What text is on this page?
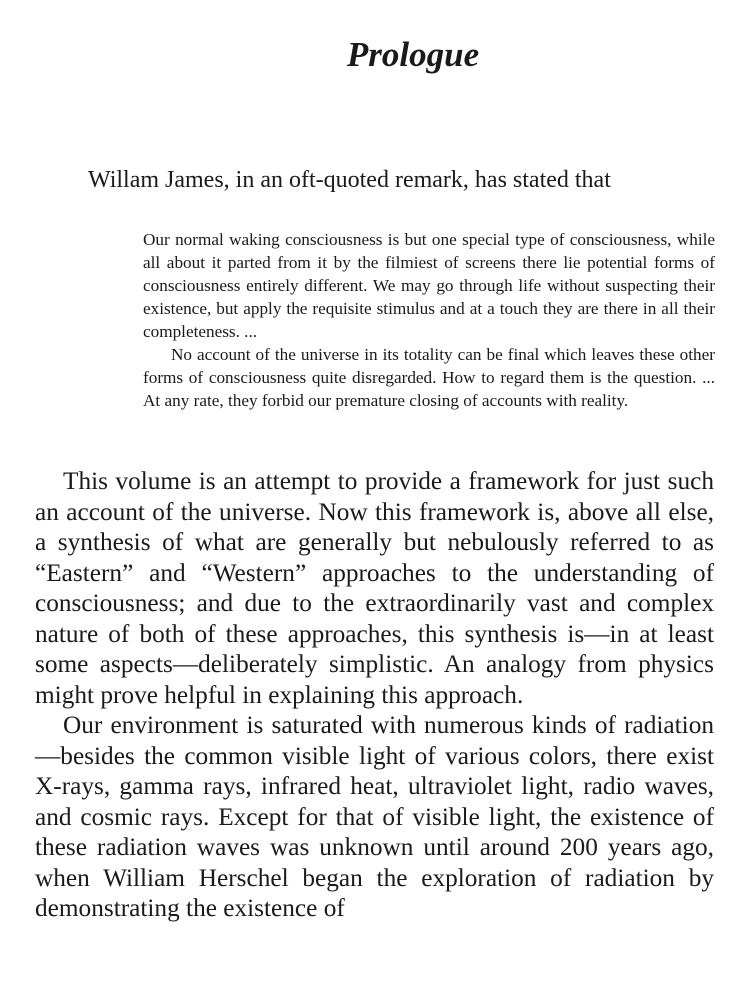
Prologue

Willam James, in an oft-quoted remark, has stated that

Our normal waking consciousness is but one special type of consciousness, while all about it parted from it by the filmiest of screens there lie potential forms of consciousness entirely different. We may go through life without suspecting their existence, but apply the requisite stimulus and at a touch they are there in all their completeness. ...

No account of the universe in its totality can be final which leaves these other forms of consciousness quite disregarded. How to regard them is the question. ... At any rate, they forbid our premature closing of accounts with reality.

This volume is an attempt to provide a framework for just such an account of the universe. Now this framework is, above all else, a synthesis of what are generally but nebulously referred to as “Eastern” and “Western” approaches to the understanding of consciousness; and due to the extraordinarily vast and complex nature of both of these approaches, this synthesis is—in at least some aspects—deliberately simplistic. An analogy from physics might prove helpful in explaining this approach.

Our environment is saturated with numerous kinds of radiation—besides the common visible light of various colors, there exist X-rays, gamma rays, infrared heat, ultraviolet light, radio waves, and cosmic rays. Except for that of visible light, the existence of these radiation waves was unknown until around 200 years ago, when William Herschel began the exploration of radiation by demonstrating the existence of
